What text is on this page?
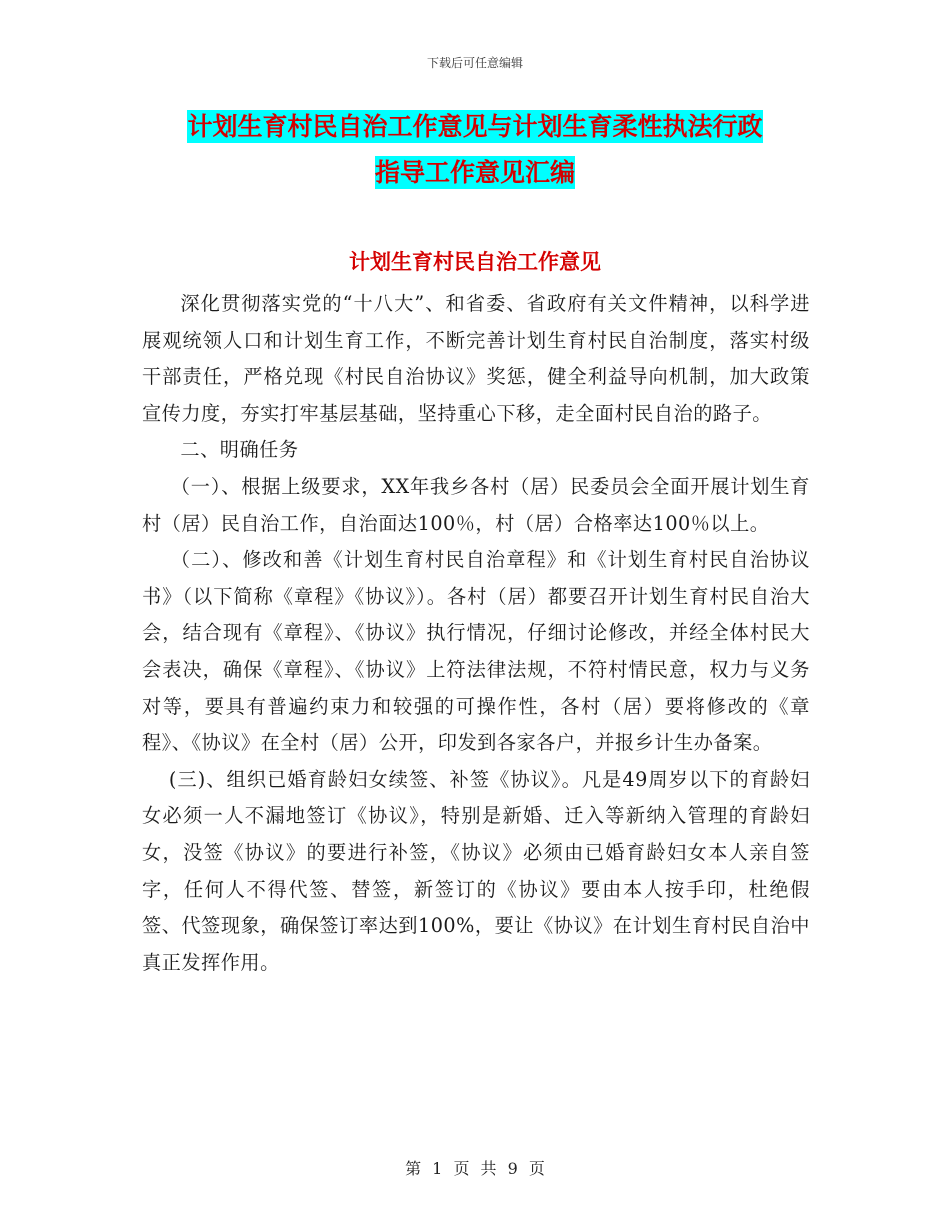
下载后可任意编辑
计划生育村民自治工作意见与计划生育柔性执法行政
指导工作意见汇编
计划生育村民自治工作意见

深化贯彻落实党的“十八大”、和省委、省政府有关文件精神，以科学进展观统领人口和计划生育工作，不断完善计划生育村民自治制度，落实村级干部责任，严格兑现《村民自治协议》奖惩，健全利益导向机制，加大政策宣传力度，夯实打牢基层基础，坚持重心下移，走全面村民自治的路子。

二、明确任务

（一）、根据上级要求，XX年我乡各村（居）民委员会全面开展计划生育村（居）民自治工作，自治面达100％，村（居）合格率达100％以上。

（二）、修改和善《计划生育村民自治章程》和《计划生育村民自治协议书》（以下简称《章程》《协议》）。各村（居）都要召开计划生育村民自治大会，结合现有《章程》、《协议》执行情况，仔细讨论修改，并经全体村民大会表决，确保《章程》、《协议》上符法律法规，不符村情民意，权力与义务对等，要具有普遍约束力和较强的可操作性，各村（居）要将修改的《章程》、《协议》在全村（居）公开，印发到各家各户，并报乡计生办备案。

(三)、组织已婚育龄妇女续签、补签《协议》。凡是49周岁以下的育龄妇女必须一人不漏地签订《协议》，特别是新婚、迁入等新纳入管理的育龄妇女，没签《协议》的要进行补签，《协议》必须由已婚育龄妇女本人亲自签字，任何人不得代签、替签，新签订的《协议》要由本人按手印，杜绝假签、代签现象，确保签订率达到100%，要让《协议》在计划生育村民自治中真正发挥作用。

第 1 页 共 9 页
